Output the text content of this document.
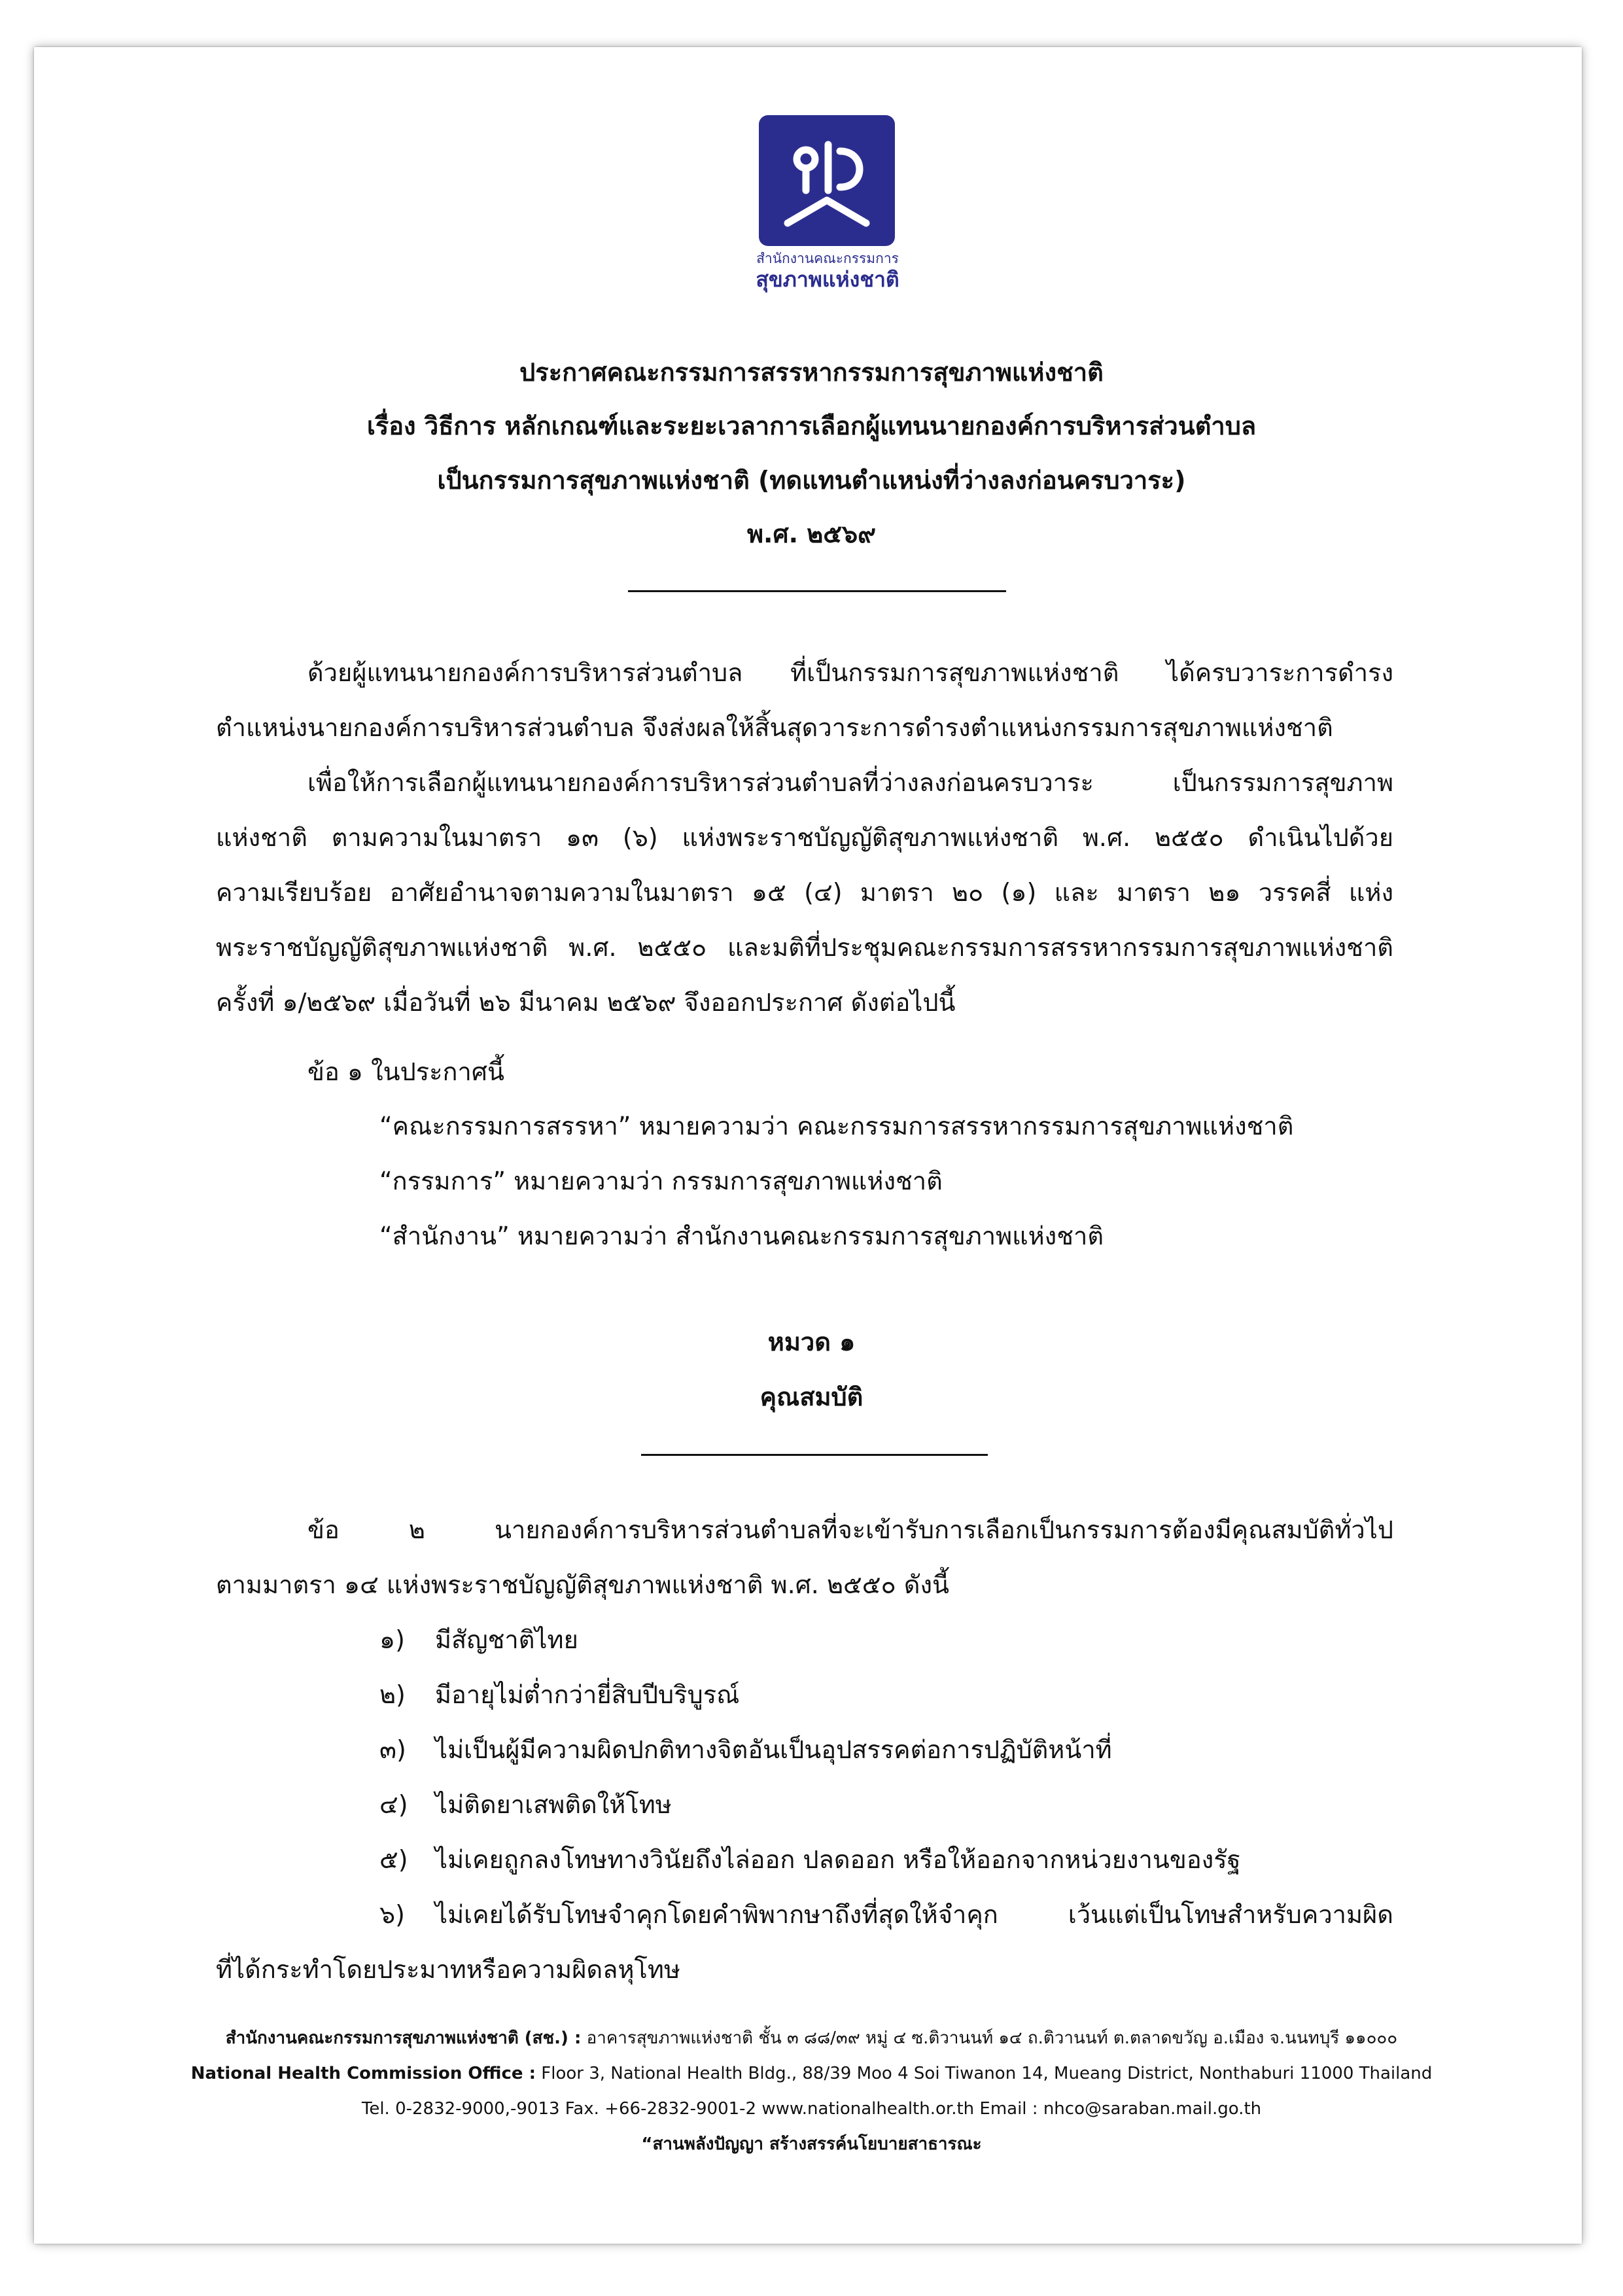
สำนักงานคณะกรรมการ
สุขภาพแห่งชาติ
ประกาศคณะกรรมการสรรหากรรมการสุขภาพแห่งชาติ
เรื่อง วิธีการ หลักเกณฑ์และระยะเวลาการเลือกผู้แทนนายกองค์การบริหารส่วนตำบล
เป็นกรรมการสุขภาพแห่งชาติ (ทดแทนตำแหน่งที่ว่างลงก่อนครบวาระ)
พ.ศ. ๒๕๖๙
ด้วยผู้แทนนายกองค์การบริหารส่วนตำบล ที่เป็นกรรมการสุขภาพแห่งชาติ ได้ครบวาระการดำรง
ตำแหน่งนายกองค์การบริหารส่วนตำบล จึงส่งผลให้สิ้นสุดวาระการดำรงตำแหน่งกรรมการสุขภาพแห่งชาติ
เพื่อให้การเลือกผู้แทนนายกองค์การบริหารส่วนตำบลที่ว่างลงก่อนครบวาระ เป็นกรรมการสุขภาพ
แห่งชาติ ตามความในมาตรา ๑๓ (๖) แห่งพระราชบัญญัติสุขภาพแห่งชาติ พ.ศ. ๒๕๕๐ ดำเนินไปด้วย
ความเรียบร้อย อาศัยอำนาจตามความในมาตรา ๑๕ (๔) มาตรา ๒๐ (๑) และ มาตรา ๒๑ วรรคสี่ แห่ง
พระราชบัญญัติสุขภาพแห่งชาติ พ.ศ. ๒๕๕๐ และมติที่ประชุมคณะกรรมการสรรหากรรมการสุขภาพแห่งชาติ
ครั้งที่ ๑/๒๕๖๙ เมื่อวันที่ ๒๖ มีนาคม ๒๕๖๙ จึงออกประกาศ ดังต่อไปนี้
ข้อ ๑ ในประกาศนี้
“คณะกรรมการสรรหา” หมายความว่า คณะกรรมการสรรหากรรมการสุขภาพแห่งชาติ
“กรรมการ” หมายความว่า กรรมการสุขภาพแห่งชาติ
“สำนักงาน” หมายความว่า สำนักงานคณะกรรมการสุขภาพแห่งชาติ
หมวด ๑
คุณสมบัติ
ข้อ ๒ นายกองค์การบริหารส่วนตำบลที่จะเข้ารับการเลือกเป็นกรรมการต้องมีคุณสมบัติทั่วไป
ตามมาตรา ๑๔ แห่งพระราชบัญญัติสุขภาพแห่งชาติ พ.ศ. ๒๕๕๐ ดังนี้
๑) มีสัญชาติไทย
๒) มีอายุไม่ต่ำกว่ายี่สิบปีบริบูรณ์
๓) ไม่เป็นผู้มีความผิดปกติทางจิตอันเป็นอุปสรรคต่อการปฏิบัติหน้าที่
๔) ไม่ติดยาเสพติดให้โทษ
๕) ไม่เคยถูกลงโทษทางวินัยถึงไล่ออก ปลดออก หรือให้ออกจากหน่วยงานของรัฐ
๖) ไม่เคยได้รับโทษจำคุกโดยคำพิพากษาถึงที่สุดให้จำคุก เว้นแต่เป็นโทษสำหรับความผิด
ที่ได้กระทำโดยประมาทหรือความผิดลหุโทษ
สำนักงานคณะกรรมการสุขภาพแห่งชาติ (สช.) : อาคารสุขภาพแห่งชาติ ชั้น ๓ ๘๘/๓๙ หมู่ ๔ ซ.ติวานนท์ ๑๔ ถ.ติวานนท์ ต.ตลาดขวัญ อ.เมือง จ.นนทบุรี ๑๑๐๐๐
National Health Commission Office : Floor 3, National Health Bldg., 88/39 Moo 4 Soi Tiwanon 14, Mueang District, Nonthaburi 11000 Thailand
Tel. 0-2832-9000,-9013 Fax. +66-2832-9001-2 www.nationalhealth.or.th Email : nhco@saraban.mail.go.th
“สานพลังปัญญา สร้างสรรค์นโยบายสาธารณะ
